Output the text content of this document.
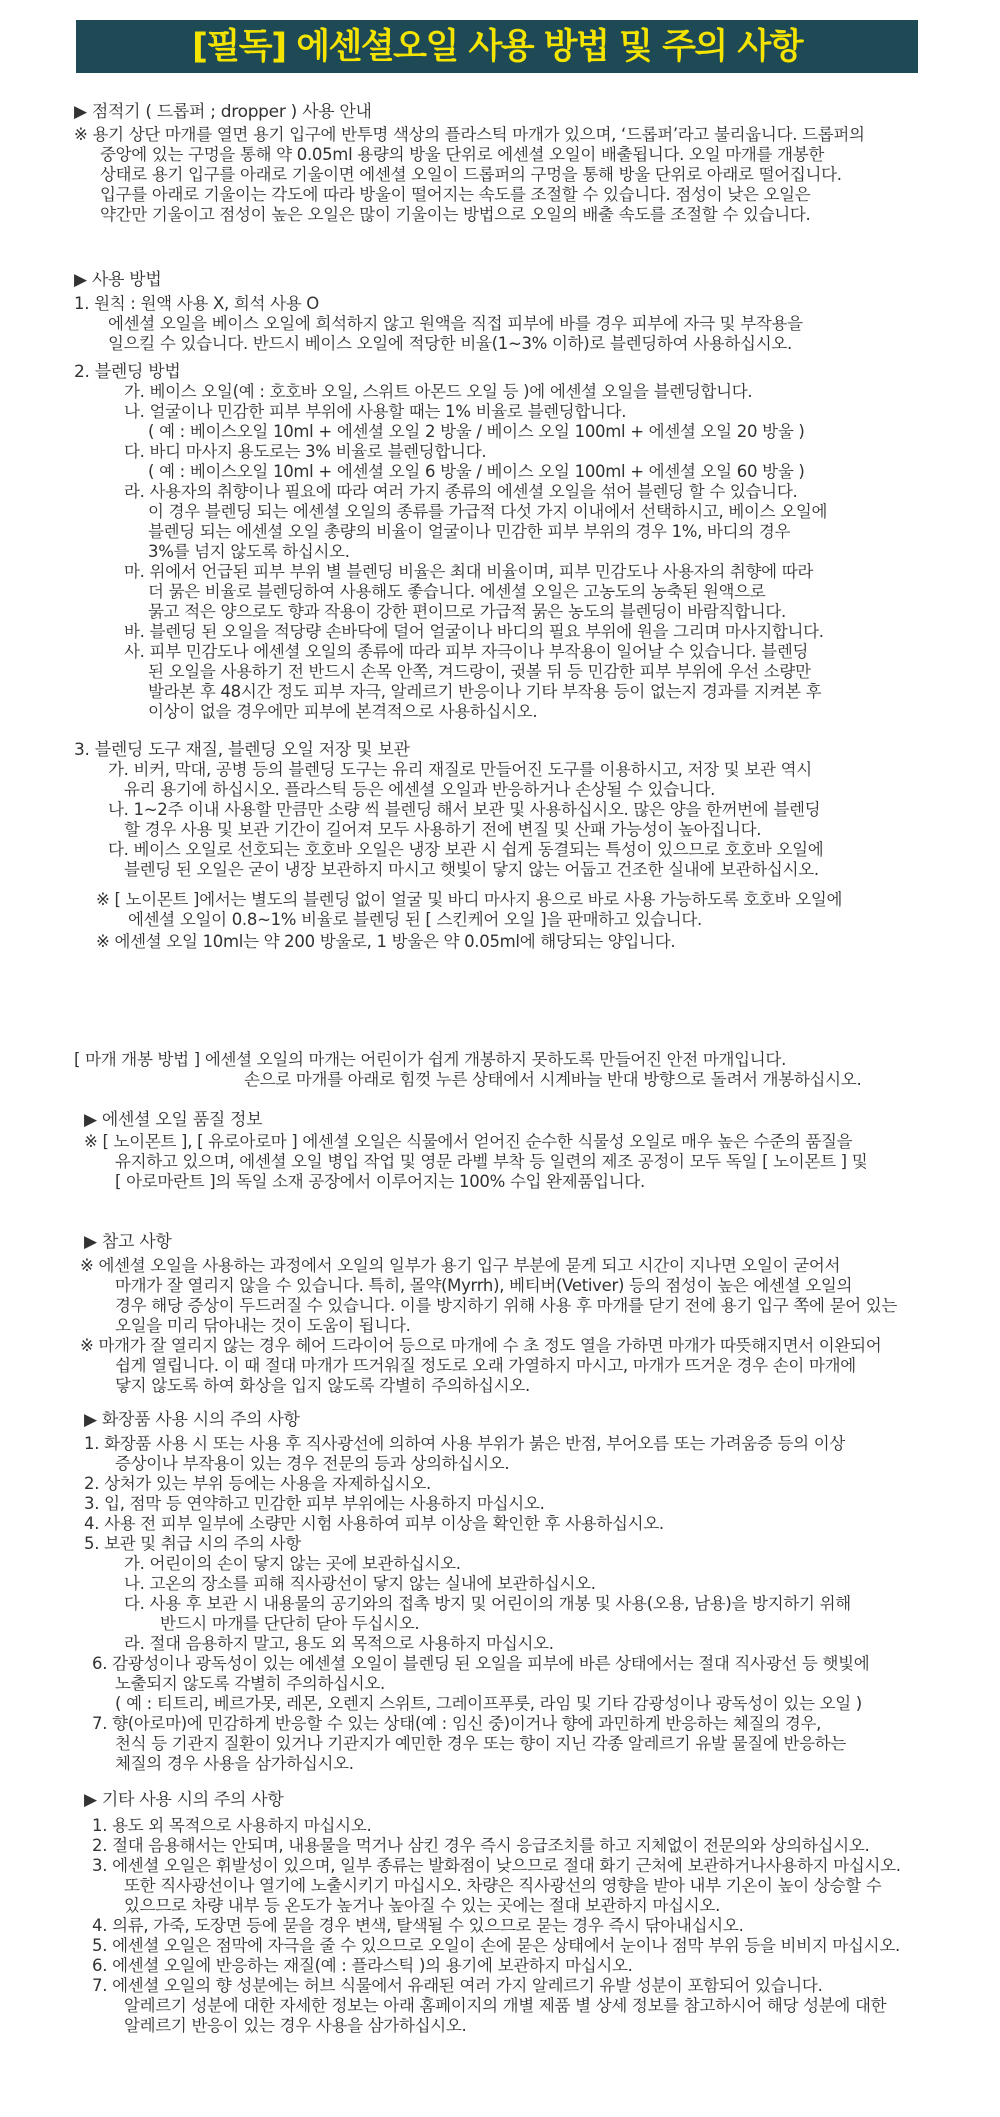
[필독] 에센셜오일 사용 방법 및 주의 사항
▶ 점적기 ( 드롭퍼 ; dropper ) 사용 안내
※ 용기 상단 마개를 열면 용기 입구에 반투명 색상의 플라스틱 마개가 있으며, ‘드롭퍼’라고 불리웁니다. 드롭퍼의
중앙에 있는 구멍을 통해 약 0.05ml 용량의 방울 단위로 에센셜 오일이 배출됩니다. 오일 마개를 개봉한
상태로 용기 입구를 아래로 기울이면 에센셜 오일이 드롭퍼의 구멍을 통해 방울 단위로 아래로 떨어집니다.
입구를 아래로 기울이는 각도에 따라 방울이 떨어지는 속도를 조절할 수 있습니다. 점성이 낮은 오일은
약간만 기울이고 점성이 높은 오일은 많이 기울이는 방법으로 오일의 배출 속도를 조절할 수 있습니다.
▶ 사용 방법
1. 원칙 : 원액 사용 X, 희석 사용 O
에센셜 오일을 베이스 오일에 희석하지 않고 원액을 직접 피부에 바를 경우 피부에 자극 및 부작용을
일으킬 수 있습니다. 반드시 베이스 오일에 적당한 비율(1~3% 이하)로 블렌딩하여 사용하십시오.
2. 블렌딩 방법
가. 베이스 오일(예 : 호호바 오일, 스위트 아몬드 오일 등 )에 에센셜 오일을 블렌딩합니다.
나. 얼굴이나 민감한 피부 부위에 사용할 때는 1% 비율로 블렌딩합니다.
( 예 : 베이스오일 10ml + 에센셜 오일 2 방울 / 베이스 오일 100ml + 에센셜 오일 20 방울 )
다. 바디 마사지 용도로는 3% 비율로 블렌딩합니다.
( 예 : 베이스오일 10ml + 에센셜 오일 6 방울 / 베이스 오일 100ml + 에센셜 오일 60 방울 )
라. 사용자의 취향이나 필요에 따라 여러 가지 종류의 에센셜 오일을 섞어 블렌딩 할 수 있습니다.
이 경우 블렌딩 되는 에센셜 오일의 종류를 가급적 다섯 가지 이내에서 선택하시고, 베이스 오일에
블렌딩 되는 에센셜 오일 총량의 비율이 얼굴이나 민감한 피부 부위의 경우 1%, 바디의 경우
3%를 넘지 않도록 하십시오.
마. 위에서 언급된 피부 부위 별 블렌딩 비율은 최대 비율이며, 피부 민감도나 사용자의 취향에 따라
더 묽은 비율로 블렌딩하여 사용해도 좋습니다. 에센셜 오일은 고농도의 농축된 원액으로
묽고 적은 양으로도 향과 작용이 강한 편이므로 가급적 묽은 농도의 블렌딩이 바람직합니다.
바. 블렌딩 된 오일을 적당량 손바닥에 덜어 얼굴이나 바디의 필요 부위에 원을 그리며 마사지합니다.
사. 피부 민감도나 에센셜 오일의 종류에 따라 피부 자극이나 부작용이 일어날 수 있습니다. 블렌딩
된 오일을 사용하기 전 반드시 손목 안쪽, 겨드랑이, 귓볼 뒤 등 민감한 피부 부위에 우선 소량만
발라본 후 48시간 정도 피부 자극, 알레르기 반응이나 기타 부작용 등이 없는지 경과를 지켜본 후
이상이 없을 경우에만 피부에 본격적으로 사용하십시오.
3. 블렌딩 도구 재질, 블렌딩 오일 저장 및 보관
가. 비커, 막대, 공병 등의 블렌딩 도구는 유리 재질로 만들어진 도구를 이용하시고, 저장 및 보관 역시
유리 용기에 하십시오. 플라스틱 등은 에센셜 오일과 반응하거나 손상될 수 있습니다.
나. 1~2주 이내 사용할 만큼만 소량 씩 블렌딩 해서 보관 및 사용하십시오. 많은 양을 한꺼번에 블렌딩
할 경우 사용 및 보관 기간이 길어져 모두 사용하기 전에 변질 및 산패 가능성이 높아집니다.
다. 베이스 오일로 선호되는 호호바 오일은 냉장 보관 시 쉽게 동결되는 특성이 있으므로 호호바 오일에
블렌딩 된 오일은 굳이 냉장 보관하지 마시고 햇빛이 닿지 않는 어둡고 건조한 실내에 보관하십시오.
※ [ 노이몬트 ]에서는 별도의 블렌딩 없이 얼굴 및 바디 마사지 용으로 바로 사용 가능하도록 호호바 오일에
에센셜 오일이 0.8~1% 비율로 블렌딩 된 [ 스킨케어 오일 ]을 판매하고 있습니다.
※ 에센셜 오일 10ml는 약 200 방울로, 1 방울은 약 0.05ml에 해당되는 양입니다.
[ 마개 개봉 방법 ] 에센셜 오일의 마개는 어린이가 쉽게 개봉하지 못하도록 만들어진 안전 마개입니다.
손으로 마개를 아래로 힘껏 누른 상태에서 시계바늘 반대 방향으로 돌려서 개봉하십시오.
▶ 에센셜 오일 품질 정보
※ [ 노이몬트 ], [ 유로아로마 ] 에센셜 오일은 식물에서 얻어진 순수한 식물성 오일로 매우 높은 수준의 품질을
유지하고 있으며, 에센셜 오일 병입 작업 및 영문 라벨 부착 등 일련의 제조 공정이 모두 독일 [ 노이몬트 ] 및
[ 아로마란트 ]의 독일 소재 공장에서 이루어지는 100% 수입 완제품입니다.
▶ 참고 사항
※ 에센셜 오일을 사용하는 과정에서 오일의 일부가 용기 입구 부분에 묻게 되고 시간이 지나면 오일이 굳어서
마개가 잘 열리지 않을 수 있습니다. 특히, 몰약(Myrrh), 베티버(Vetiver) 등의 점성이 높은 에센셜 오일의
경우 해당 증상이 두드러질 수 있습니다. 이를 방지하기 위해 사용 후 마개를 닫기 전에 용기 입구 쪽에 묻어 있는
오일을 미리 닦아내는 것이 도움이 됩니다.
※ 마개가 잘 열리지 않는 경우 헤어 드라이어 등으로 마개에 수 초 정도 열을 가하면 마개가 따뜻해지면서 이완되어
쉽게 열립니다. 이 때 절대 마개가 뜨거워질 정도로 오래 가열하지 마시고, 마개가 뜨거운 경우 손이 마개에
닿지 않도록 하여 화상을 입지 않도록 각별히 주의하십시오.
▶ 화장품 사용 시의 주의 사항
1. 화장품 사용 시 또는 사용 후 직사광선에 의하여 사용 부위가 붉은 반점, 부어오름 또는 가려움증 등의 이상
증상이나 부작용이 있는 경우 전문의 등과 상의하십시오.
2. 상처가 있는 부위 등에는 사용을 자제하십시오.
3. 입, 점막 등 연약하고 민감한 피부 부위에는 사용하지 마십시오.
4. 사용 전 피부 일부에 소량만 시험 사용하여 피부 이상을 확인한 후 사용하십시오.
5. 보관 및 취급 시의 주의 사항
가. 어린이의 손이 닿지 않는 곳에 보관하십시오.
나. 고온의 장소를 피해 직사광선이 닿지 않는 실내에 보관하십시오.
다. 사용 후 보관 시 내용물의 공기와의 접촉 방지 및 어린이의 개봉 및 사용(오용, 남용)을 방지하기 위해
반드시 마개를 단단히 닫아 두십시오.
라. 절대 음용하지 말고, 용도 외 목적으로 사용하지 마십시오.
6. 감광성이나 광독성이 있는 에센셜 오일이 블렌딩 된 오일을 피부에 바른 상태에서는 절대 직사광선 등 햇빛에
노출되지 않도록 각별히 주의하십시오.
( 예 : 티트리, 베르가못, 레몬, 오렌지 스위트, 그레이프푸룻, 라임 및 기타 감광성이나 광독성이 있는 오일 )
7. 향(아로마)에 민감하게 반응할 수 있는 상태(예 : 임신 중)이거나 향에 과민하게 반응하는 체질의 경우,
천식 등 기관지 질환이 있거나 기관지가 예민한 경우 또는 향이 지닌 각종 알레르기 유발 물질에 반응하는
체질의 경우 사용을 삼가하십시오.
▶ 기타 사용 시의 주의 사항
1. 용도 외 목적으로 사용하지 마십시오.
2. 절대 음용해서는 안되며, 내용물을 먹거나 삼킨 경우 즉시 응급조치를 하고 지체없이 전문의와 상의하십시오.
3. 에센셜 오일은 휘발성이 있으며, 일부 종류는 발화점이 낮으므로 절대 화기 근처에 보관하거나사용하지 마십시오.
또한 직사광선이나 열기에 노출시키기 마십시오. 차량은 직사광선의 영향을 받아 내부 기온이 높이 상승할 수
있으므로 차량 내부 등 온도가 높거나 높아질 수 있는 곳에는 절대 보관하지 마십시오.
4. 의류, 가죽, 도장면 등에 묻을 경우 변색, 탈색될 수 있으므로 묻는 경우 즉시 닦아내십시오.
5. 에센셜 오일은 점막에 자극을 줄 수 있으므로 오일이 손에 묻은 상태에서 눈이나 점막 부위 등을 비비지 마십시오.
6. 에센셜 오일에 반응하는 재질(예 : 플라스틱 )의 용기에 보관하지 마십시오.
7. 에센셜 오일의 향 성분에는 허브 식물에서 유래된 여러 가지 알레르기 유발 성분이 포함되어 있습니다.
알레르기 성분에 대한 자세한 정보는 아래 홈페이지의 개별 제품 별 상세 정보를 참고하시어 해당 성분에 대한
알레르기 반응이 있는 경우 사용을 삼가하십시오.
